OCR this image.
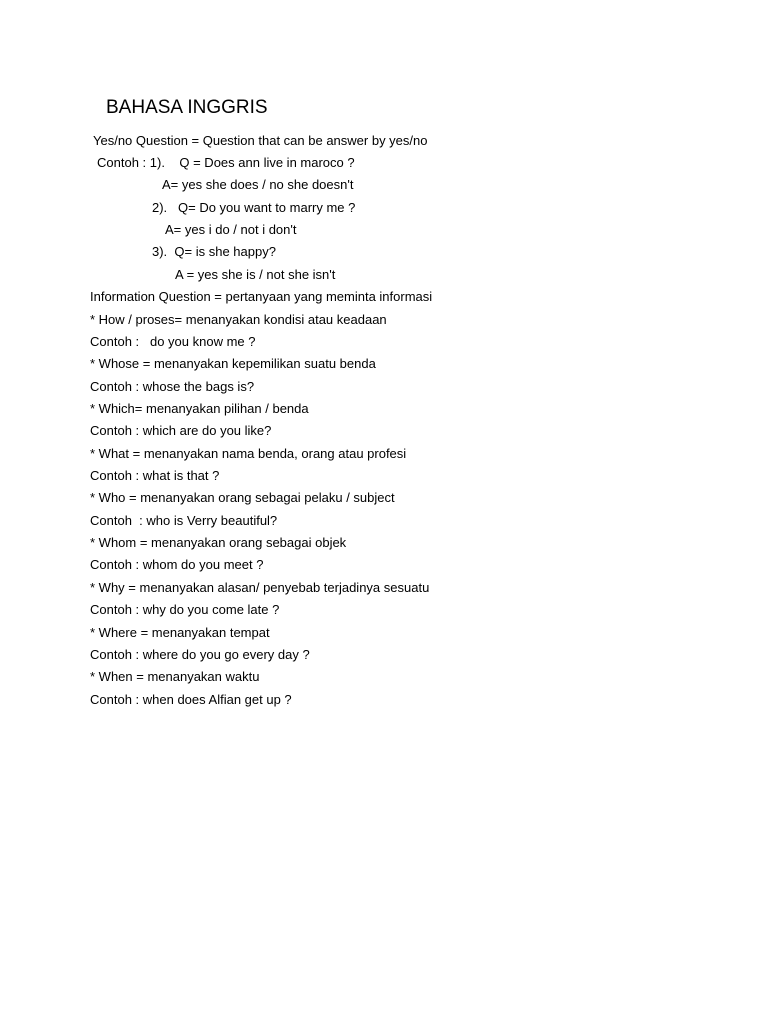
BAHASA INGGRIS
Yes/no Question = Question that can be answer by yes/no
Contoh : 1).    Q = Does ann live in maroco ?
A= yes she does / no she doesn't
2).   Q= Do you want to marry me ?
A= yes i do / not i don't
3).  Q= is she happy?
A = yes she is / not she isn't
Information Question = pertanyaan yang meminta informasi
* How / proses= menanyakan kondisi atau keadaan
Contoh :   do you know me ?
* Whose = menanyakan kepemilikan suatu benda
Contoh : whose the bags is?
* Which= menanyakan pilihan / benda
Contoh : which are do you like?
* What = menanyakan nama benda, orang atau profesi
Contoh : what is that ?
* Who = menanyakan orang sebagai pelaku / subject
Contoh  : who is Verry beautiful?
* Whom = menanyakan orang sebagai objek
Contoh : whom do you meet ?
* Why = menanyakan alasan/ penyebab terjadinya sesuatu
Contoh : why do you come late ?
* Where = menanyakan tempat
Contoh : where do you go every day ?
* When = menanyakan waktu
Contoh : when does Alfian get up ?
